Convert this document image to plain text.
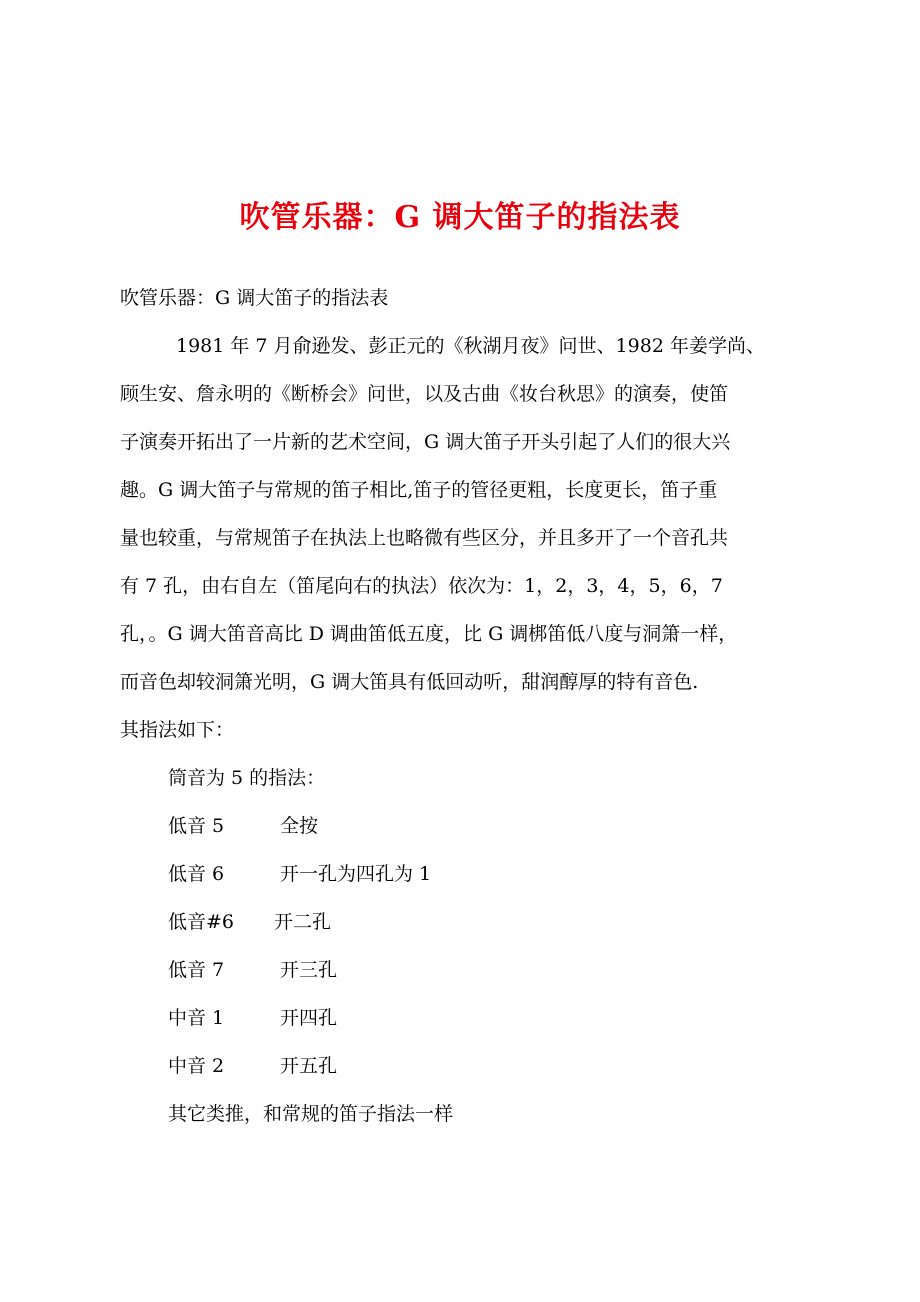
吹管乐器：G 调大笛子的指法表
吹管乐器：G 调大笛子的指法表
1981 年 7 月俞逊发、彭正元的《秋湖月夜》问世、1982 年姜学尚、
顾生安、詹永明的《断桥会》问世，以及古曲《妆台秋思》的演奏，使笛
子演奏开拓出了一片新的艺术空间，G 调大笛子开头引起了人们的很大兴
趣。G 调大笛子与常规的笛子相比,笛子的管径更粗，长度更长，笛子重
量也较重，与常规笛子在执法上也略微有些区分，并且多开了一个音孔共
有 7 孔，由右自左（笛尾向右的执法）依次为：1，2，3，4，5，6，7
孔，。G 调大笛音高比 D 调曲笛低五度，比 G 调梆笛低八度与洞箫一样，
而音色却较洞箫光明，G 调大笛具有低回动听，甜润醇厚的特有音色.
其指法如下：
筒音为 5 的指法：
低音 5	全按
低音 6	开一孔为四孔为 1
低音#6 开二孔
低音 7	开三孔
中音 1	开四孔
中音 2	开五孔
其它类推，和常规的笛子指法一样
